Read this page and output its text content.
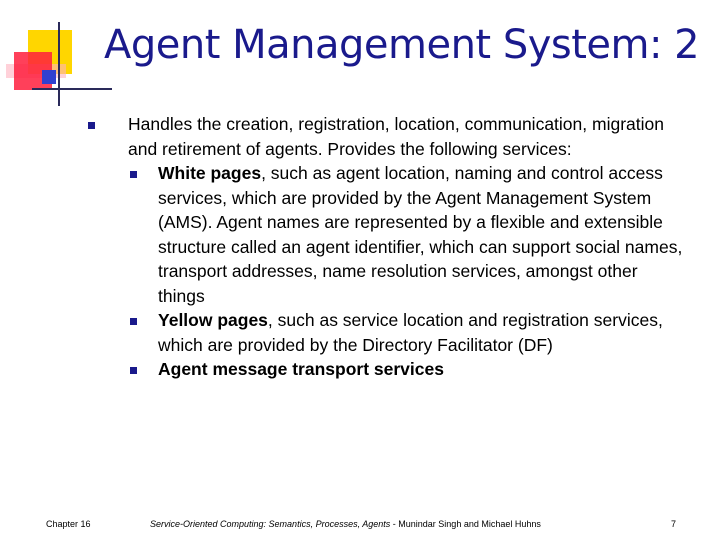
Agent Management System: 2
Handles the creation, registration, location, communication, migration and retirement of agents. Provides the following services:
White pages, such as agent location, naming and control access services, which are provided by the Agent Management System (AMS). Agent names are represented by a flexible and extensible structure called an agent identifier, which can support social names, transport addresses, name resolution services, amongst other things
Yellow pages, such as service location and registration services, which are provided by the Directory Facilitator (DF)
Agent message transport services
Chapter 16	Service-Oriented Computing: Semantics, Processes, Agents - Munindar Singh and Michael Huhns	7
